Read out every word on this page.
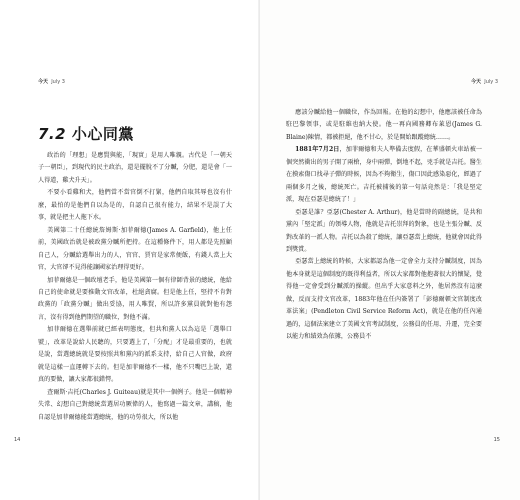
今天 July 3
7.2 小心同黨

政治的「理想」是應賢與能，「現實」是用人唯親。古代是「一朝天子一朝臣」，到現代的民主政治，還是擺脫不了分贓，分肥，還是會「一人得道，雞犬升天」。

不要小看雞和犬，他們當不當官倒不打緊，他們自取其辱也沒有什麼，最怕的是他們自以為是的，自認自己很有能力，結果不是誤了大事，就是把主人拖下水。

美國第二十任總統詹姆斯·加菲爾德(James A. Garfield)，他上任前，美國政治就是被政黨分贓所把持。在這種條件下，用人都是先照顧自己人，分贓給選舉出力的人，官官、賈官是家常便飯，有錢人當上大官，大官卻不見得能讓國家治理得更好。

加菲爾德是一個政壇老手，他是美國第一個有律師背景的總統，他給自己的使命就是要推動文官改革，杜絕貪腐。但是他上任，堅持不肯對政黨的「政黨分贓」做出妥協，用人唯賢，所以許多黨員就對他有怨言，沒有得到他們期望的職位，對他不滿。

加菲爾德在選舉前就已經表明態度，但共和黨人以為這是「選舉口號」，改革是說給人民聽的，只要選上了，「分配」才是最重要的，也就是說，當選總統就是要按照共和黨內的派系支持，給自己人官做，政府就是這樣一直運轉下去的。但是加菲爾德不一樣，他不只嘴巴上說，還真的要做，讓大家都很錯愕。

查爾斯·吉托(Charles J. Guiteau)就是其中一個例子。他是一個精神失常、幻想自己對總統當選居功厥偉的人，他寫過一篇文章，講稿，他自認是加菲爾德能當選總統，他的功勞很大，所以他

14
今天 July 3

應該分贓給他一個職位，作為回報。在他的幻想中，他應該被任命為駐巴黎領事，或是駐維也納大使。他一再向國務卿布萊恩(James G. Blaine)陳情，都被拒絕，他不甘心，於是開始跟蹤總統……。

1881年7月2日，加菲爾德和夫人準備去度假，在華盛頓火車站被一個突然衝出的男子開了兩槍，身中兩彈，倒地不起，兇手就是吉托。醫生在摸索傷口找尋子彈的時候，因為不夠衛生，傷口因此感染惡化，經過了兩個多月之後，總統死亡。吉托被捕後的第一句話竟然是：「我是堅定派，現在亞瑟是總統了！」

亞瑟是誰？亞瑟(Chester A. Arthur)，他是當時的副總統，是共和黨內「堅定派」的領導人物，他就是吉托崇拜的對象，也是主張分贓、反對改革的一派人物。吉托以為殺了總統，讓亞瑟當上總統，他就會因此得到獎賞。

亞瑟當上總統的時候，大家都認為他一定會全力支持分贓制度，因為他本身就是這個制度的既得利益者，所以大家都對他抱著很大的懷疑，覺得他一定會受到分贓派的操縱。但出乎大家意料之外，他居然沒有這麼做，反而支持文官改革，1883年他在任內簽署了「彭德爾頓文官制度改革法案」(Pendleton Civil Service Reform Act)，就是在他的任內通過的，這個法案建立了美國文官考試制度，公務員的任用、升遷，完全要以能力和績效為依據，公務員不

15
